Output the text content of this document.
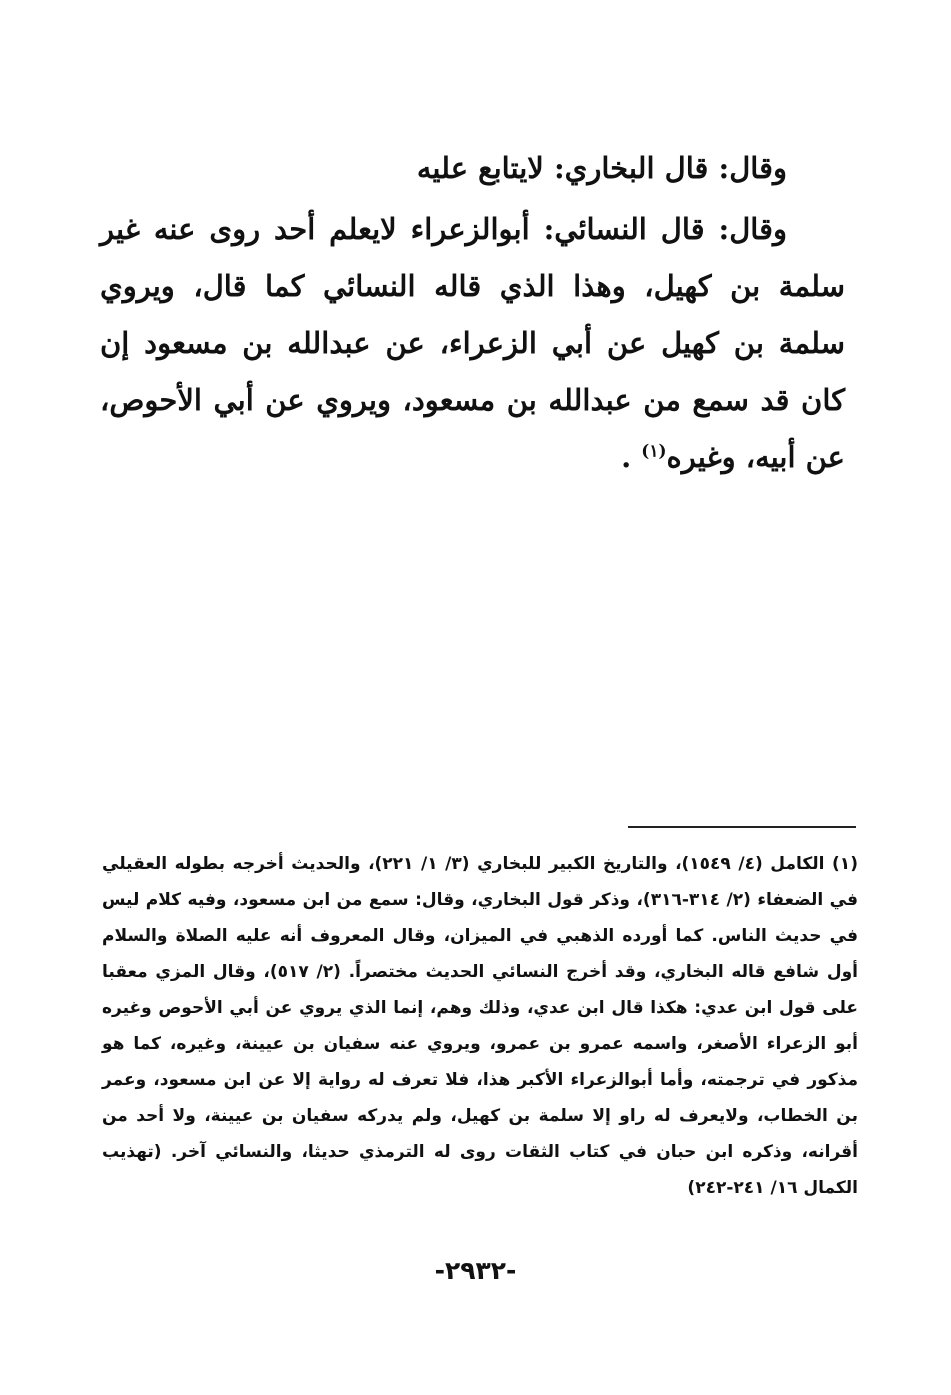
وقال: قال البخاري: لايتابع عليه

وقال: قال النسائي: أبوالزعراء لايعلم أحد روى عنه غير سلمة بن كهيل، وهذا الذي قاله النسائي كما قال، ويروي سلمة بن كهيل عن أبي الزعراء، عن عبدالله بن مسعود إن كان قد سمع من عبدالله بن مسعود، ويروي عن أبي الأحوص، عن أبيه، وغيره$^{(١)}$ .

(١) الكامل (٤/ ١٥٤٩)، والتاريخ الكبير للبخاري (٣/ ١/ ٢٢١)، والحديث أخرجه بطوله العقيلي في الضعفاء (٢/ ٣١٤-٣١٦)، وذكر قول البخاري، وقال: سمع من ابن مسعود، وفيه كلام ليس في حديث الناس. كما أورده الذهبي في الميزان، وقال المعروف أنه عليه الصلاة والسلام أول شافع قاله البخاري، وقد أخرج النسائي الحديث مختصراً. (٢/ ٥١٧)، وقال المزي معقبا على قول ابن عدي: هكذا قال ابن عدي، وذلك وهم، إنما الذي يروي عن أبي الأحوص وغيره أبو الزعراء الأصغر، واسمه عمرو بن عمرو، ويروي عنه سفيان بن عيينة، وغيره، كما هو مذكور في ترجمته، وأما أبوالزعراء الأكبر هذا، فلا تعرف له رواية إلا عن ابن مسعود، وعمر بن الخطاب، ولايعرف له راو إلا سلمة بن كهيل، ولم يدركه سفيان بن عيينة، ولا أحد من أقرانه، وذكره ابن حبان في كتاب الثقات روى له الترمذي حديثا، والنسائي آخر. (تهذيب الكمال ١٦/ ٢٤١-٢٤٢)

-٢٩٣٢-
